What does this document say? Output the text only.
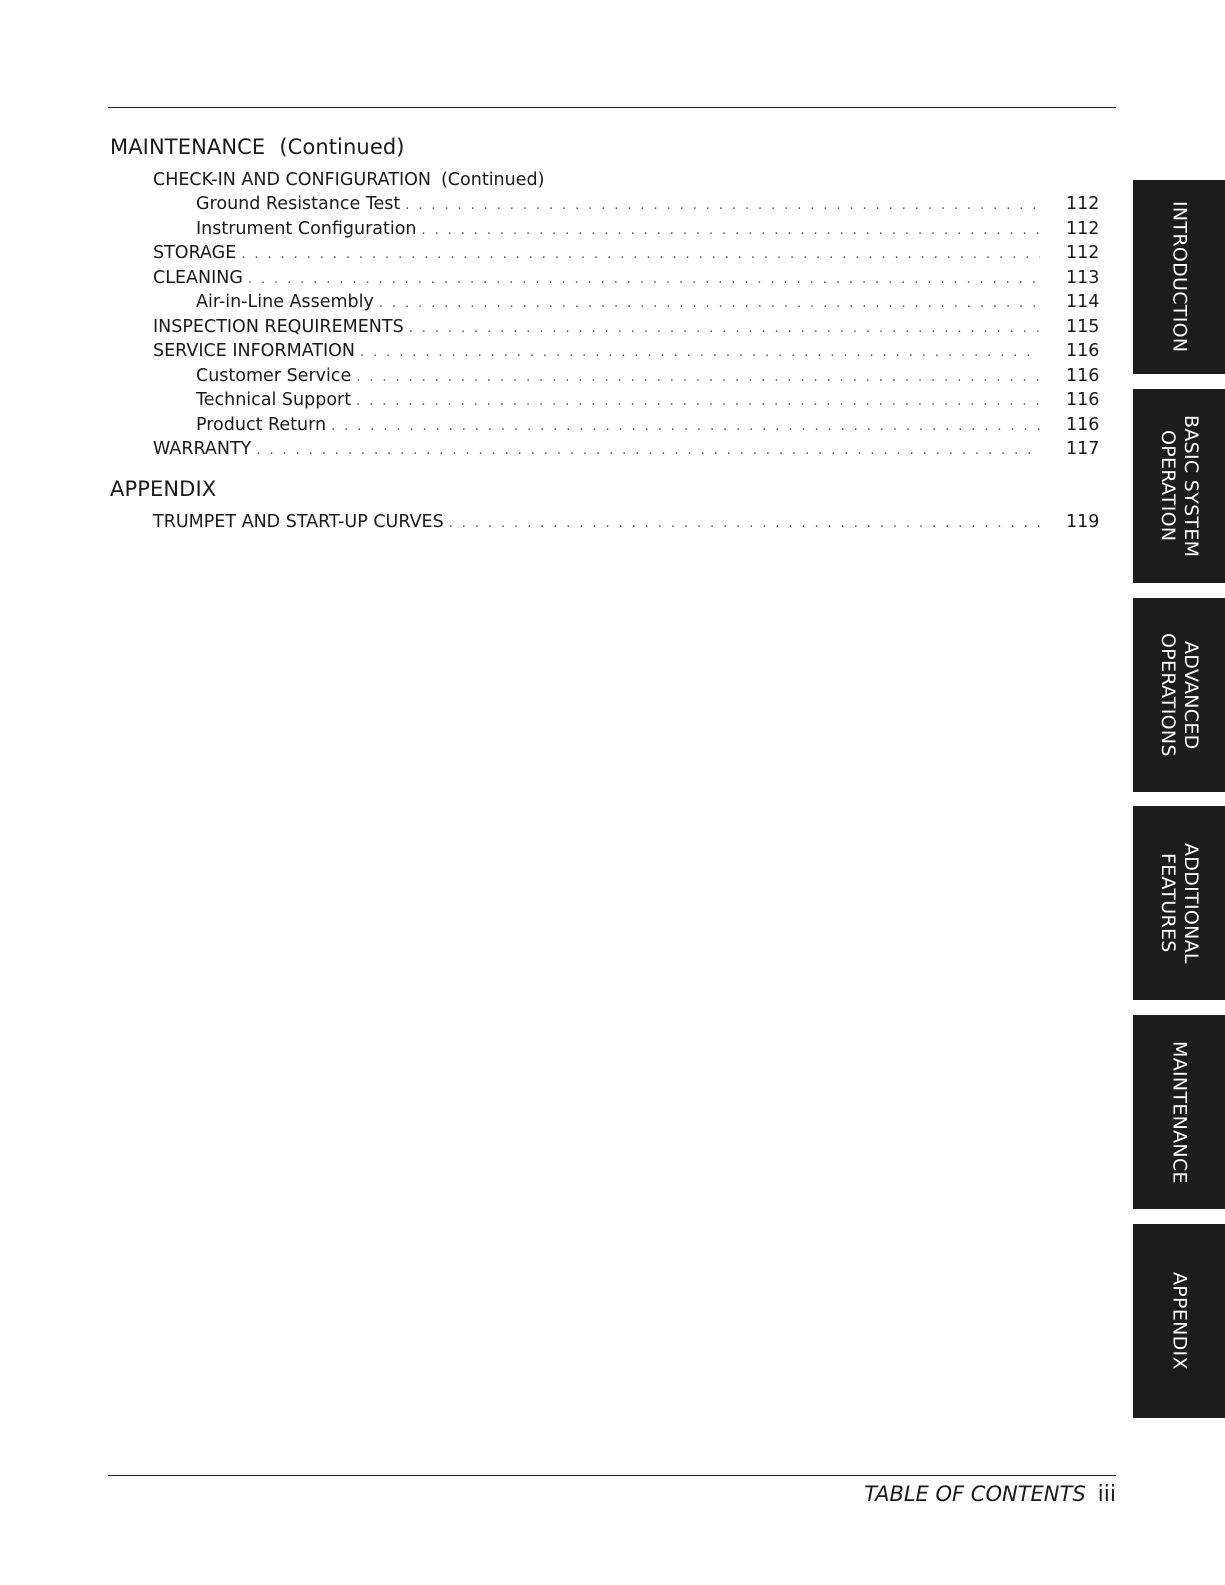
MAINTENANCE (Continued)
CHECK-IN AND CONFIGURATION (Continued)
Ground Resistance Test . . .	112
Instrument Configuration . . .	112
STORAGE . . .	112
CLEANING . . .	113
Air-in-Line Assembly . . .	114
INSPECTION REQUIREMENTS . . .	115
SERVICE INFORMATION . . .	116
Customer Service . . .	116
Technical Support . . .	116
Product Return . . .	116
WARRANTY . . .	117
APPENDIX
TRUMPET AND START-UP CURVES . . .	119
INTRODUCTION
BASIC SYSTEM
OPERATION
ADVANCED
OPERATIONS
ADDITIONAL
FEATURES
MAINTENANCE
APPENDIX
TABLE OF CONTENTS iii
